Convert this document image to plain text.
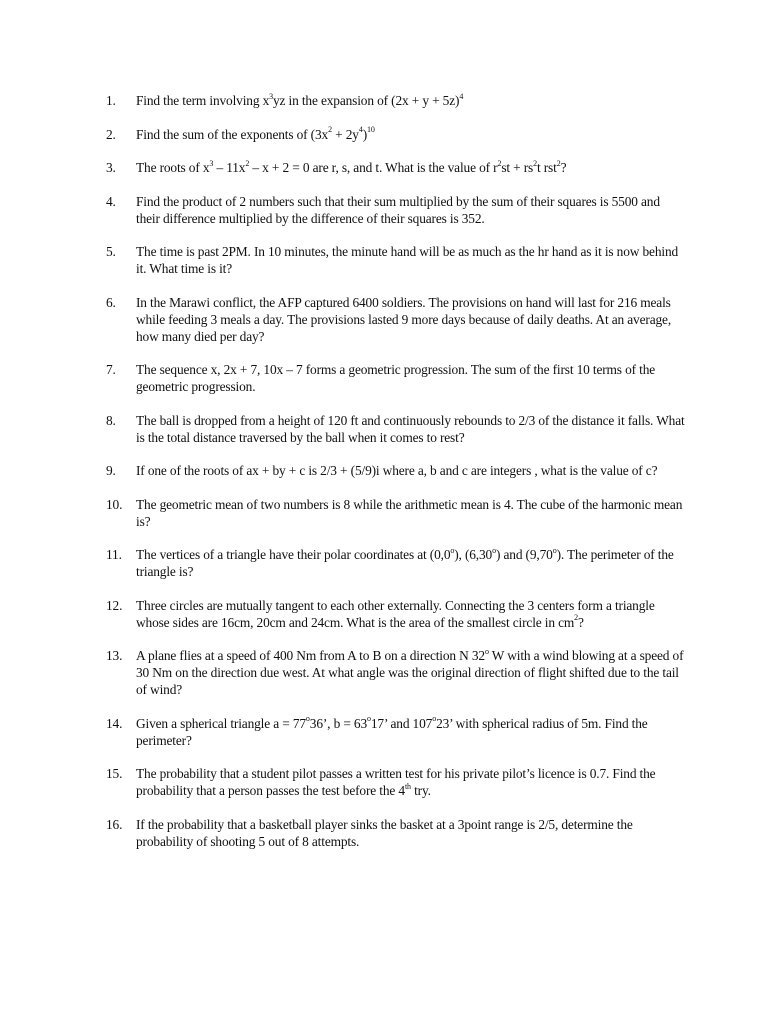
1.	Find the term involving $x^3yz$ in the expansion of $(2x + y + 5z)^4$
2.	Find the sum of the exponents of $(3x^2 + 2y^4)^{10}$
3.	The roots of $x^3 - 11x^2 - x + 2 = 0$ are r, s, and t. What is the value of $r^2st + rs^2t$ rst$^2$?
4.	Find the product of 2 numbers such that their sum multiplied by the sum of their squares is 5500 and their difference multiplied by the difference of their squares is 352.
5.	The time is past 2PM. In 10 minutes, the minute hand will be as much as the hr hand as it is now behind it. What time is it?
6.	In the Marawi conflict, the AFP captured 6400 soldiers. The provisions on hand will last for 216 meals while feeding 3 meals a day. The provisions lasted 9 more days because of daily deaths. At an average, how many died per day?
7.	The sequence x, 2x + 7, 10x – 7 forms a geometric progression. The sum of the first 10 terms of the geometric progression.
8.	The ball is dropped from a height of 120 ft and continuously rebounds to 2/3 of the distance it falls. What is the total distance traversed by the ball when it comes to rest?
9.	If one of the roots of ax + by + c is 2/3 + (5/9)i where a, b and c are integers , what is the value of c?
10.	The geometric mean of two numbers is 8 while the arithmetic mean is 4. The cube of the harmonic mean is?
11.	The vertices of a triangle have their polar coordinates at (0,0$^o$), (6,30$^o$) and (9,70$^o$). The perimeter of the triangle is?
12.	Three circles are mutually tangent to each other externally. Connecting the 3 centers form a triangle whose sides are 16cm, 20cm and 24cm. What is the area of the smallest circle in $cm^2$?
13.	A plane flies at a speed of 400 Nm from A to B on a direction N 32$^o$ W with a wind blowing at a speed of 30 Nm on the direction due west. At what angle was the original direction of flight shifted due to the tail of wind?
14.	Given a spherical triangle $a = 77^o36$’, $b = 63^o17$’ and 107$^o$23’ with spherical radius of 5m. Find the perimeter?
15.	The probability that a student pilot passes a written test for his private pilot’s licence is 0.7. Find the probability that a person passes the test before the 4th try.
16.	If the probability that a basketball player sinks the basket at a 3point range is 2/5, determine the probability of shooting 5 out of 8 attempts.
